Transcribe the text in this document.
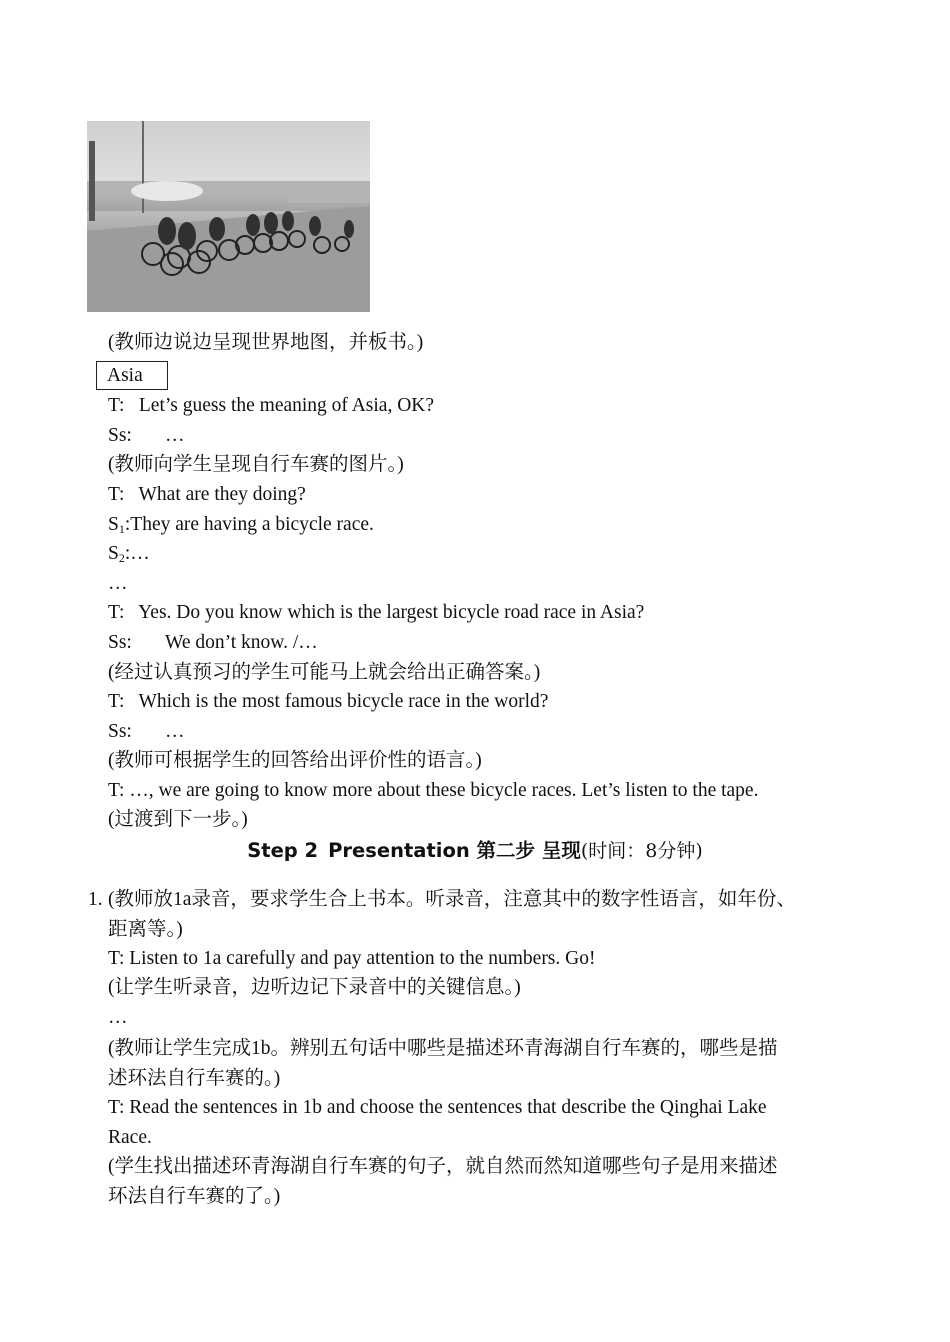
(教师边说边呈现世界地图，并板书。)
Asia
T: Let’s guess the meaning of Asia, OK?
Ss: …
(教师向学生呈现自行车赛的图片。)
T: What are they doing?
$S_1:They$ are having a bicycle race.
$S_2:\dots$
…
T: Yes. Do you know which is the largest bicycle road race in Asia?
Ss: We don’t know. /…
(经过认真预习的学生可能马上就会给出正确答案。)
T: Which is the most famous bicycle race in the world?
Ss: …
(教师可根据学生的回答给出评价性的语言。)
T: …, we are going to know more about these bicycle races. Let’s listen to the tape.
(过渡到下一步。)
Step 2 Presentation 第二步 呈现(时间：8分钟)
1. (教师放1a录音，要求学生合上书本。听录音，注意其中的数字性语言，如年份、
距离等。)
T: Listen to 1a carefully and pay attention to the numbers. Go!
(让学生听录音，边听边记下录音中的关键信息。)
…
(教师让学生完成1b。辨别五句话中哪些是描述环青海湖自行车赛的，哪些是描
述环法自行车赛的。)
T: Read the sentences in 1b and choose the sentences that describe the Qinghai Lake
Race.
(学生找出描述环青海湖自行车赛的句子，就自然而然知道哪些句子是用来描述
环法自行车赛的了。)
